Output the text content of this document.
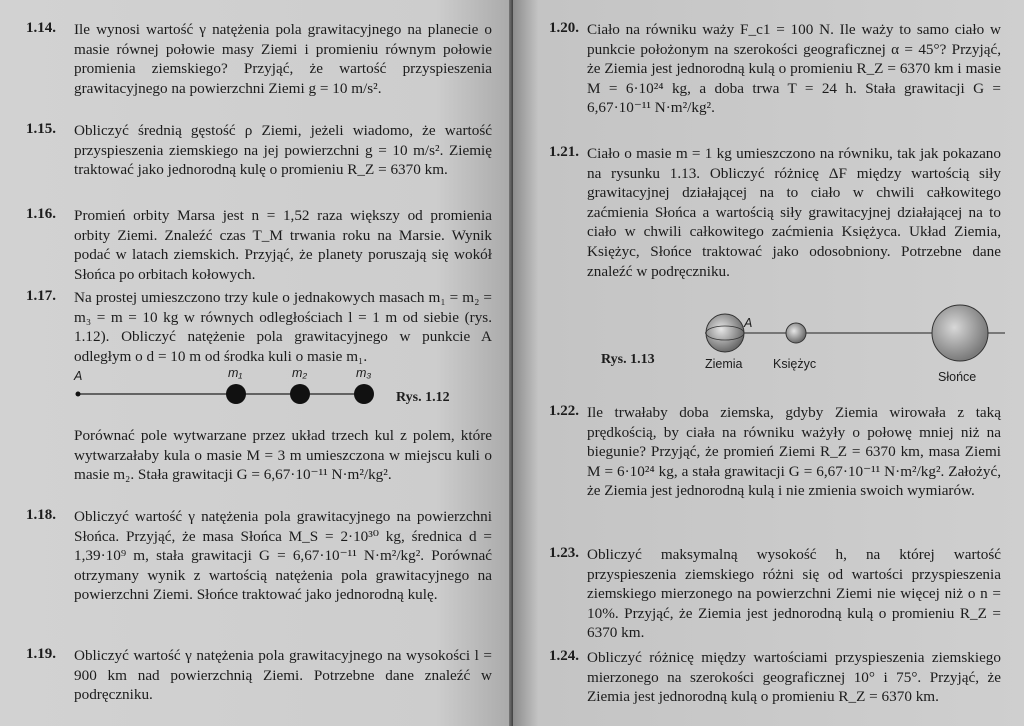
1.14. Ile wynosi wartość γ natężenia pola grawitacyjnego na planecie o masie równej połowie masy Ziemi i promieniu równym połowie promienia ziemskiego? Przyjąć, że wartość przyspieszenia grawitacyjnego na powierzchni Ziemi g = 10 m/s².
1.15. Obliczyć średnią gęstość ρ Ziemi, jeżeli wiadomo, że wartość przyspieszenia ziemskiego na jej powierzchni g = 10 m/s². Ziemię traktować jako jednorodną kulę o promieniu R_Z = 6370 km.
1.16. Promień orbity Marsa jest n = 1,52 raza większy od promienia orbity Ziemi. Znaleźć czas T_M trwania roku na Marsie. Wynik podać w latach ziemskich. Przyjąć, że planety poruszają się wokół Słońca po orbitach kołowych.
1.17. Na prostej umieszczono trzy kule o jednakowych masach m₁ = m₂ = m₃ = m = 10 kg w równych odległościach l = 1 m od siebie (rys. 1.12). Obliczyć natężenie pola grawitacyjnego w punkcie A odległym o d = 10 m od środka kuli o masie m₁.
A	m₁	m₂	m₃
Rys. 1.12
Porównać pole wytwarzane przez układ trzech kul z polem, które wytwarzałaby kula o masie M = 3 m umieszczona w miejscu kuli o masie m₂. Stała grawitacji G = 6,67·10⁻¹¹ N·m²/kg².
1.18. Obliczyć wartość γ natężenia pola grawitacyjnego na powierzchni Słońca. Przyjąć, że masa Słońca M_S = 2·10³⁰ kg, średnica d = 1,39·10⁹ m, stała grawitacji G = 6,67·10⁻¹¹ N·m²/kg². Porównać otrzymany wynik z wartością natężenia pola grawitacyjnego na powierzchni Ziemi. Słońce traktować jako jednorodną kulę.
1.19. Obliczyć wartość γ natężenia pola grawitacyjnego na wysokości l = 900 km nad powierzchnią Ziemi. Potrzebne dane znaleźć w podręczniku.
1.20. Ciało na równiku waży F_c1 = 100 N. Ile waży to samo ciało w punkcie położonym na szerokości geograficznej α = 45°? Przyjąć, że Ziemia jest jednorodną kulą o promieniu R_Z = 6370 km i masie M = 6·10²⁴ kg, a doba trwa T = 24 h. Stała grawitacji G = 6,67·10⁻¹¹ N·m²/kg².
1.21. Ciało o masie m = 1 kg umieszczono na równiku, tak jak pokazano na rysunku 1.13. Obliczyć różnicę ΔF między wartością siły grawitacyjnej działającej na to ciało w chwili całkowitego zaćmienia Słońca a wartością siły grawitacyjnej działającej na to ciało w chwili całkowitego zaćmienia Księżyca. Układ Ziemia, Księżyc, Słońce traktować jako odosobniony. Potrzebne dane znaleźć w podręczniku.
A
Rys. 1.13	Ziemia Księżyc
Słońce
1.22. Ile trwałaby doba ziemska, gdyby Ziemia wirowała z taką prędkością, by ciała na równiku ważyły o połowę mniej niż na biegunie? Przyjąć, że promień Ziemi R_Z = 6370 km, masa Ziemi M = 6·10²⁴ kg, a stała grawitacji G = 6,67·10⁻¹¹ N·m²/kg². Założyć, że Ziemia jest jednorodną kulą i nie zmienia swoich wymiarów.
1.23. Obliczyć maksymalną wysokość h, na której wartość przyspieszenia ziemskiego różni się od wartości przyspieszenia ziemskiego mierzonego na powierzchni Ziemi nie więcej niż o n = 10%. Przyjąć, że Ziemia jest jednorodną kulą o promieniu R_Z = 6370 km.
1.24. Obliczyć różnicę między wartościami przyspieszenia ziemskiego mierzonego na szerokości geograficznej 10° i 75°. Przyjąć, że Ziemia jest jednorodną kulą o promieniu R_Z = 6370 km.
